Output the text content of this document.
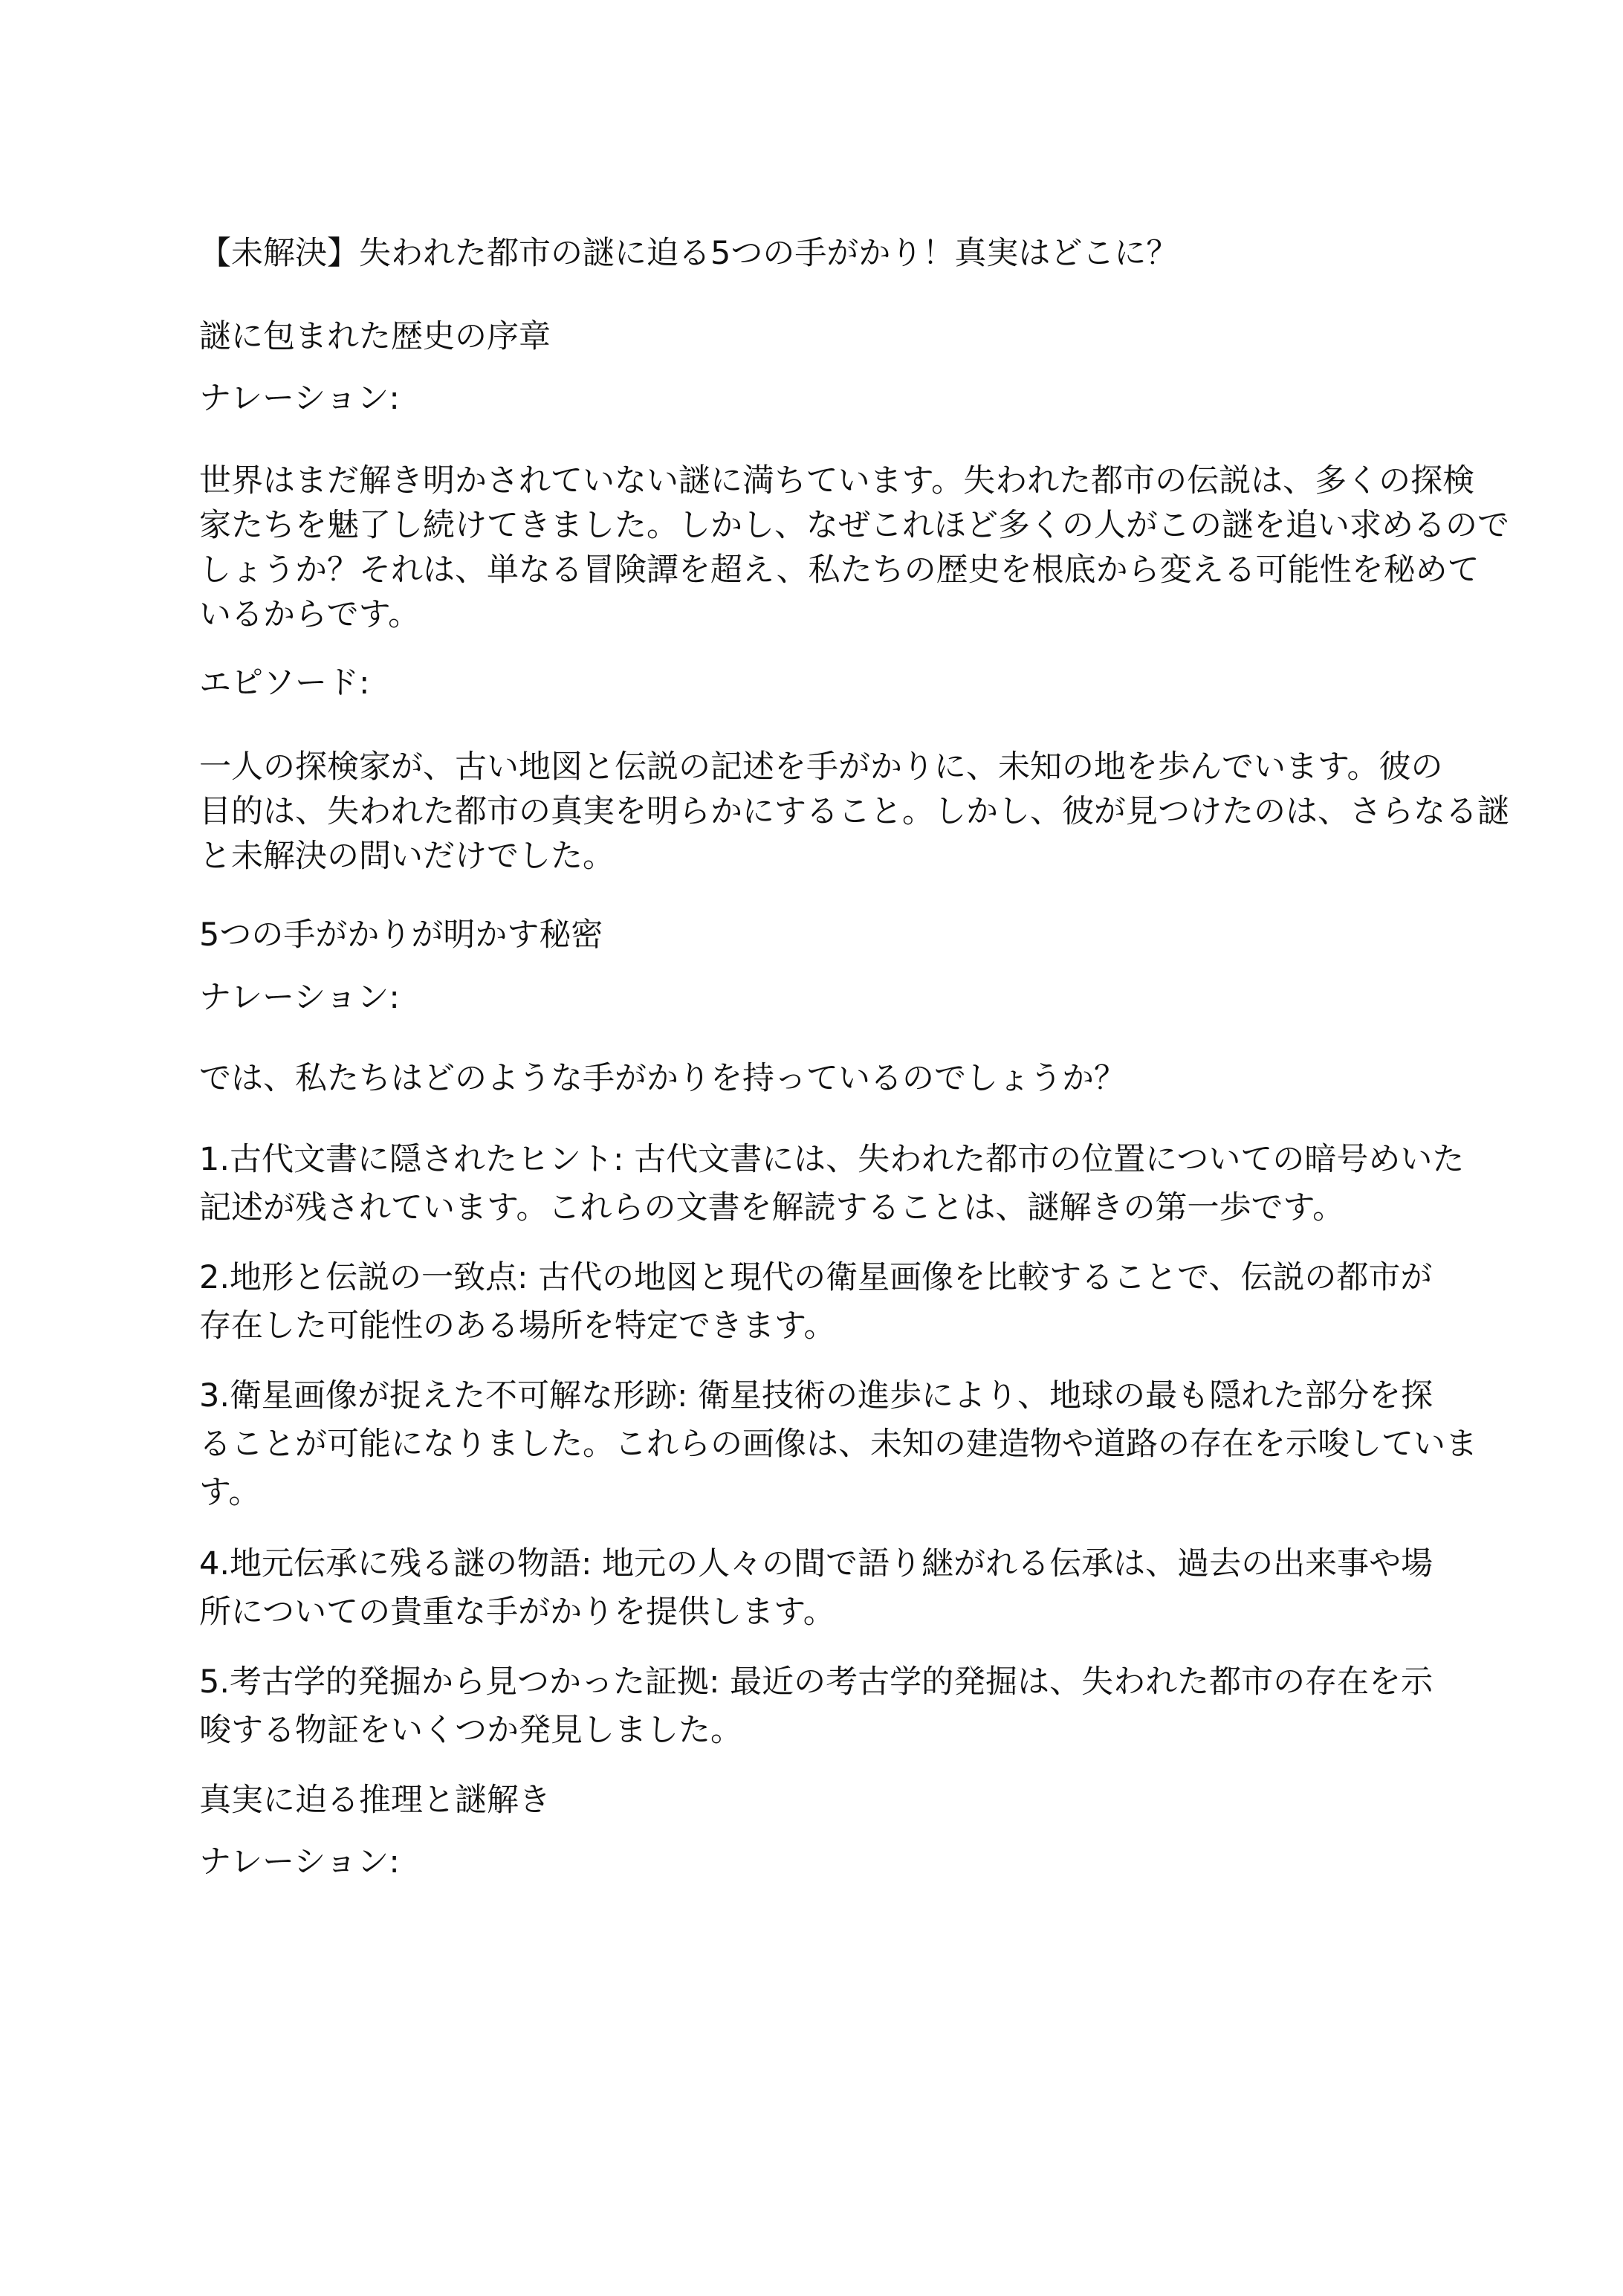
【未解決】失われた都市の謎に迫る5つの手がかり！真実はどこに？
謎に包まれた歴史の序章
ナレーション:
世界はまだ解き明かされていない謎に満ちています。失われた都市の伝説は、多くの探検
家たちを魅了し続けてきました。しかし、なぜこれほど多くの人がこの謎を追い求めるので
しょうか？それは、単なる冒険譚を超え、私たちの歴史を根底から変える可能性を秘めて
いるからです。
エピソード:
一人の探検家が、古い地図と伝説の記述を手がかりに、未知の地を歩んでいます。彼の
目的は、失われた都市の真実を明らかにすること。しかし、彼が見つけたのは、さらなる謎
と未解決の問いだけでした。
5つの手がかりが明かす秘密
ナレーション:
では、私たちはどのような手がかりを持っているのでしょうか？
1.古代文書に隠されたヒント: 古代文書には、失われた都市の位置についての暗号めいた
記述が残されています。これらの文書を解読することは、謎解きの第一歩です。
2.地形と伝説の一致点: 古代の地図と現代の衛星画像を比較することで、伝説の都市が
存在した可能性のある場所を特定できます。
3.衛星画像が捉えた不可解な形跡: 衛星技術の進歩により、地球の最も隠れた部分を探
ることが可能になりました。これらの画像は、未知の建造物や道路の存在を示唆していま
す。
4.地元伝承に残る謎の物語: 地元の人々の間で語り継がれる伝承は、過去の出来事や場
所についての貴重な手がかりを提供します。
5.考古学的発掘から見つかった証拠: 最近の考古学的発掘は、失われた都市の存在を示
唆する物証をいくつか発見しました。
真実に迫る推理と謎解き
ナレーション:
